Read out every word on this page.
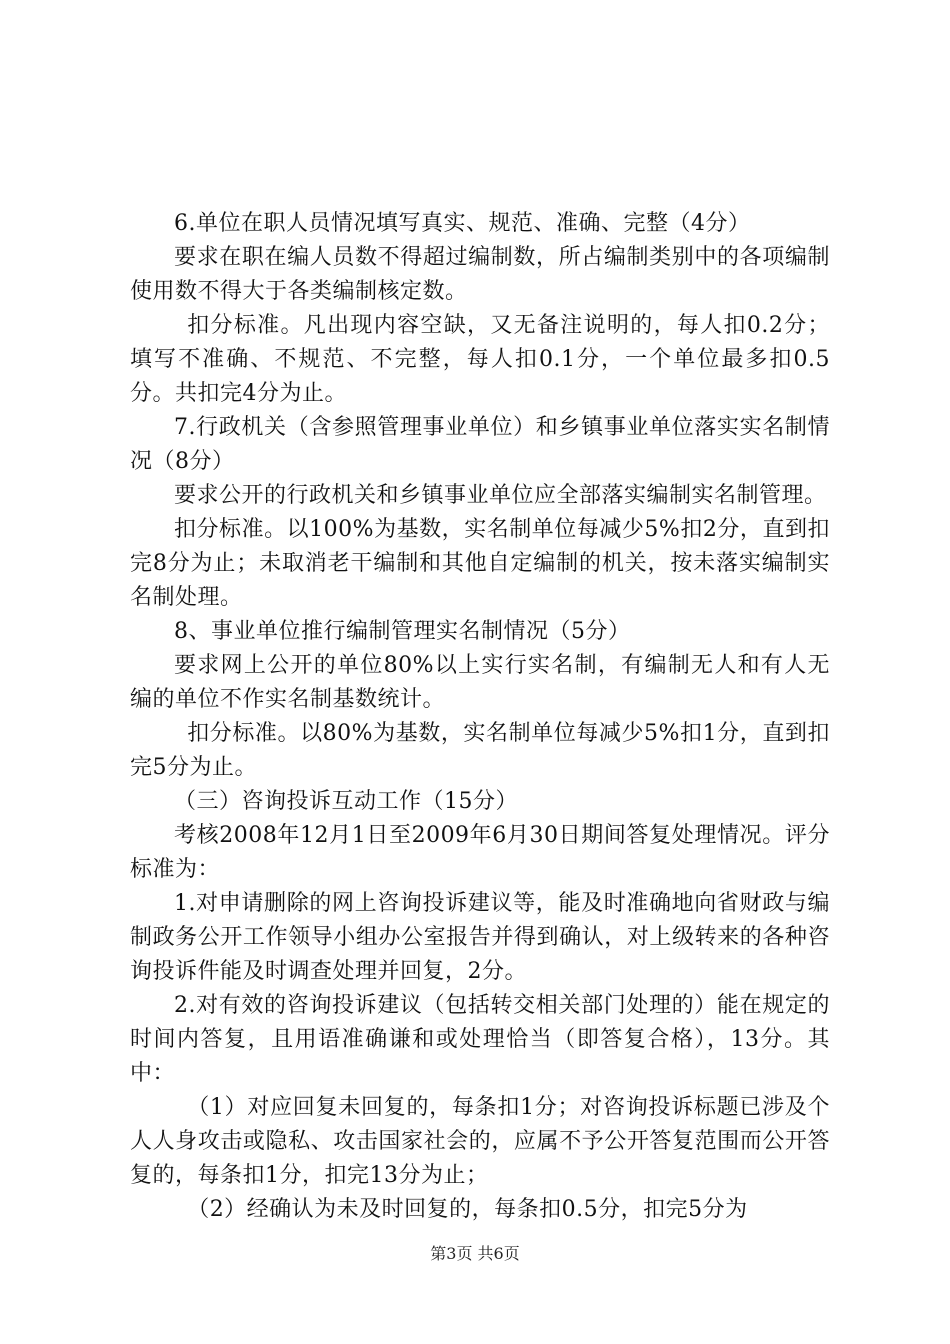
6.单位在职人员情况填写真实、规范、准确、完整（4分）

要求在职在编人员数不得超过编制数，所占编制类别中的各项编制使用数不得大于各类编制核定数。

扣分标准。凡出现内容空缺，又无备注说明的，每人扣0.2分；填写不准确、不规范、不完整，每人扣0.1分，一个单位最多扣0.5分。共扣完4分为止。

7.行政机关（含参照管理事业单位）和乡镇事业单位落实实名制情况（8分）

要求公开的行政机关和乡镇事业单位应全部落实编制实名制管理。

扣分标准。以100%为基数，实名制单位每减少5%扣2分，直到扣完8分为止；未取消老干编制和其他自定编制的机关，按未落实编制实名制处理。

8、事业单位推行编制管理实名制情况（5分）

要求网上公开的单位80%以上实行实名制，有编制无人和有人无编的单位不作实名制基数统计。

扣分标准。以80%为基数，实名制单位每减少5%扣1分，直到扣完5分为止。

（三）咨询投诉互动工作（15分）

考核2008年12月1日至2009年6月30日期间答复处理情况。评分标准为：

1.对申请删除的网上咨询投诉建议等，能及时准确地向省财政与编制政务公开工作领导小组办公室报告并得到确认，对上级转来的各种咨询投诉件能及时调查处理并回复，2分。

2.对有效的咨询投诉建议（包括转交相关部门处理的）能在规定的时间内答复，且用语准确谦和或处理恰当（即答复合格），13分。其中：

（1）对应回复未回复的，每条扣1分；对咨询投诉标题已涉及个人人身攻击或隐私、攻击国家社会的，应属不予公开答复范围而公开答复的，每条扣1分，扣完13分为止；

（2）经确认为未及时回复的，每条扣0.5分，扣完5分为

第3页 共6页
